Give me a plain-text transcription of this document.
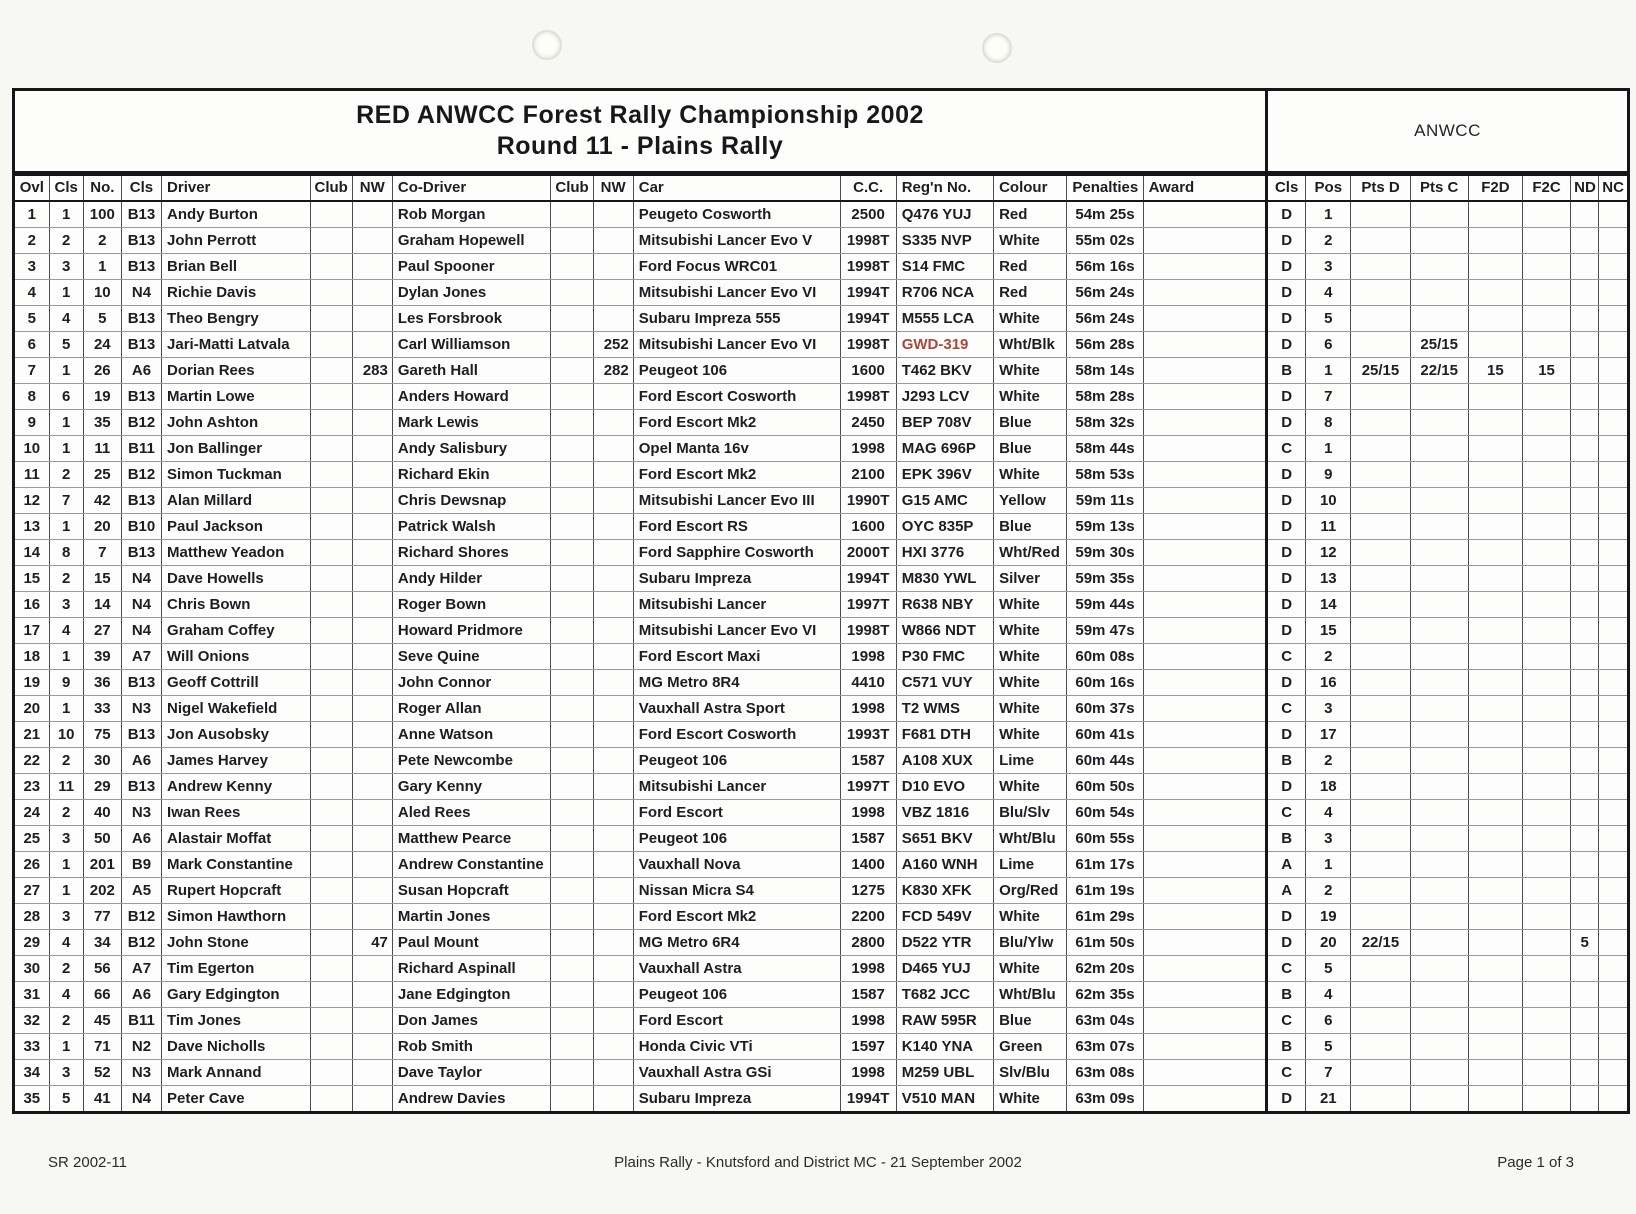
RED ANWCC Forest Rally Championship 2002
Round 11 - Plains Rally
ANWCC
Ovl	Cls	No.	Cls	Driver	Club	NW	Co-Driver	Club	NW	Car	C.C.	Reg'n No.	Colour	Penalties	Award	Cls	Pos	Pts D	Pts C	F2D	F2C	ND	NC
1	1	100	B13	Andy Burton			Rob Morgan			Peugeto Cosworth	2500	Q476 YUJ	Red	54m 25s		D	1						
2	2	2	B13	John Perrott			Graham Hopewell			Mitsubishi Lancer Evo V	1998T	S335 NVP	White	55m 02s		D	2						
3	3	1	B13	Brian Bell			Paul Spooner			Ford Focus WRC01	1998T	S14 FMC	Red	56m 16s		D	3						
4	1	10	N4	Richie Davis			Dylan Jones			Mitsubishi Lancer Evo VI	1994T	R706 NCA	Red	56m 24s		D	4						
5	4	5	B13	Theo Bengry			Les Forsbrook			Subaru Impreza 555	1994T	M555 LCA	White	56m 24s		D	5						
6	5	24	B13	Jari-Matti Latvala			Carl Williamson		252	Mitsubishi Lancer Evo VI	1998T	GWD-319	Wht/Blk	56m 28s		D	6		25/15				
7	1	26	A6	Dorian Rees		283	Gareth Hall		282	Peugeot 106	1600	T462 BKV	White	58m 14s		B	1	25/15	22/15	15	15		
8	6	19	B13	Martin Lowe			Anders Howard			Ford Escort Cosworth	1998T	J293 LCV	White	58m 28s		D	7						
9	1	35	B12	John Ashton			Mark Lewis			Ford Escort Mk2	2450	BEP 708V	Blue	58m 32s		D	8						
10	1	11	B11	Jon Ballinger			Andy Salisbury			Opel Manta 16v	1998	MAG 696P	Blue	58m 44s		C	1						
11	2	25	B12	Simon Tuckman			Richard Ekin			Ford Escort Mk2	2100	EPK 396V	White	58m 53s		D	9						
12	7	42	B13	Alan Millard			Chris Dewsnap			Mitsubishi Lancer Evo III	1990T	G15 AMC	Yellow	59m 11s		D	10						
13	1	20	B10	Paul Jackson			Patrick Walsh			Ford Escort RS	1600	OYC 835P	Blue	59m 13s		D	11						
14	8	7	B13	Matthew Yeadon			Richard Shores			Ford Sapphire Cosworth	2000T	HXI 3776	Wht/Red	59m 30s		D	12						
15	2	15	N4	Dave Howells			Andy Hilder			Subaru Impreza	1994T	M830 YWL	Silver	59m 35s		D	13						
16	3	14	N4	Chris Bown			Roger Bown			Mitsubishi Lancer	1997T	R638 NBY	White	59m 44s		D	14						
17	4	27	N4	Graham Coffey			Howard Pridmore			Mitsubishi Lancer Evo VI	1998T	W866 NDT	White	59m 47s		D	15						
18	1	39	A7	Will Onions			Seve Quine			Ford Escort Maxi	1998	P30 FMC	White	60m 08s		C	2						
19	9	36	B13	Geoff Cottrill			John Connor			MG Metro 8R4	4410	C571 VUY	White	60m 16s		D	16						
20	1	33	N3	Nigel Wakefield			Roger Allan			Vauxhall Astra Sport	1998	T2 WMS	White	60m 37s		C	3						
21	10	75	B13	Jon Ausobsky			Anne Watson			Ford Escort Cosworth	1993T	F681 DTH	White	60m 41s		D	17						
22	2	30	A6	James Harvey			Pete Newcombe			Peugeot 106	1587	A108 XUX	Lime	60m 44s		B	2						
23	11	29	B13	Andrew Kenny			Gary Kenny			Mitsubishi Lancer	1997T	D10 EVO	White	60m 50s		D	18						
24	2	40	N3	Iwan Rees			Aled Rees			Ford Escort	1998	VBZ 1816	Blu/Slv	60m 54s		C	4						
25	3	50	A6	Alastair Moffat			Matthew Pearce			Peugeot 106	1587	S651 BKV	Wht/Blu	60m 55s		B	3						
26	1	201	B9	Mark Constantine			Andrew Constantine			Vauxhall Nova	1400	A160 WNH	Lime	61m 17s		A	1						
27	1	202	A5	Rupert Hopcraft			Susan Hopcraft			Nissan Micra S4	1275	K830 XFK	Org/Red	61m 19s		A	2						
28	3	77	B12	Simon Hawthorn			Martin Jones			Ford Escort Mk2	2200	FCD 549V	White	61m 29s		D	19						
29	4	34	B12	John Stone		47	Paul Mount			MG Metro 6R4	2800	D522 YTR	Blu/Ylw	61m 50s		D	20	22/15				5	
30	2	56	A7	Tim Egerton			Richard Aspinall			Vauxhall Astra	1998	D465 YUJ	White	62m 20s		C	5						
31	4	66	A6	Gary Edgington			Jane Edgington			Peugeot 106	1587	T682 JCC	Wht/Blu	62m 35s		B	4						
32	2	45	B11	Tim Jones			Don James			Ford Escort	1998	RAW 595R	Blue	63m 04s		C	6						
33	1	71	N2	Dave Nicholls			Rob Smith			Honda Civic VTi	1597	K140 YNA	Green	63m 07s		B	5						
34	3	52	N3	Mark Annand			Dave Taylor			Vauxhall Astra GSi	1998	M259 UBL	Slv/Blu	63m 08s		C	7						
35	5	41	N4	Peter Cave			Andrew Davies			Subaru Impreza	1994T	V510 MAN	White	63m 09s		D	21						
SR 2002-11	Plains Rally - Knutsford and District MC - 21 September 2002	Page 1 of 3
